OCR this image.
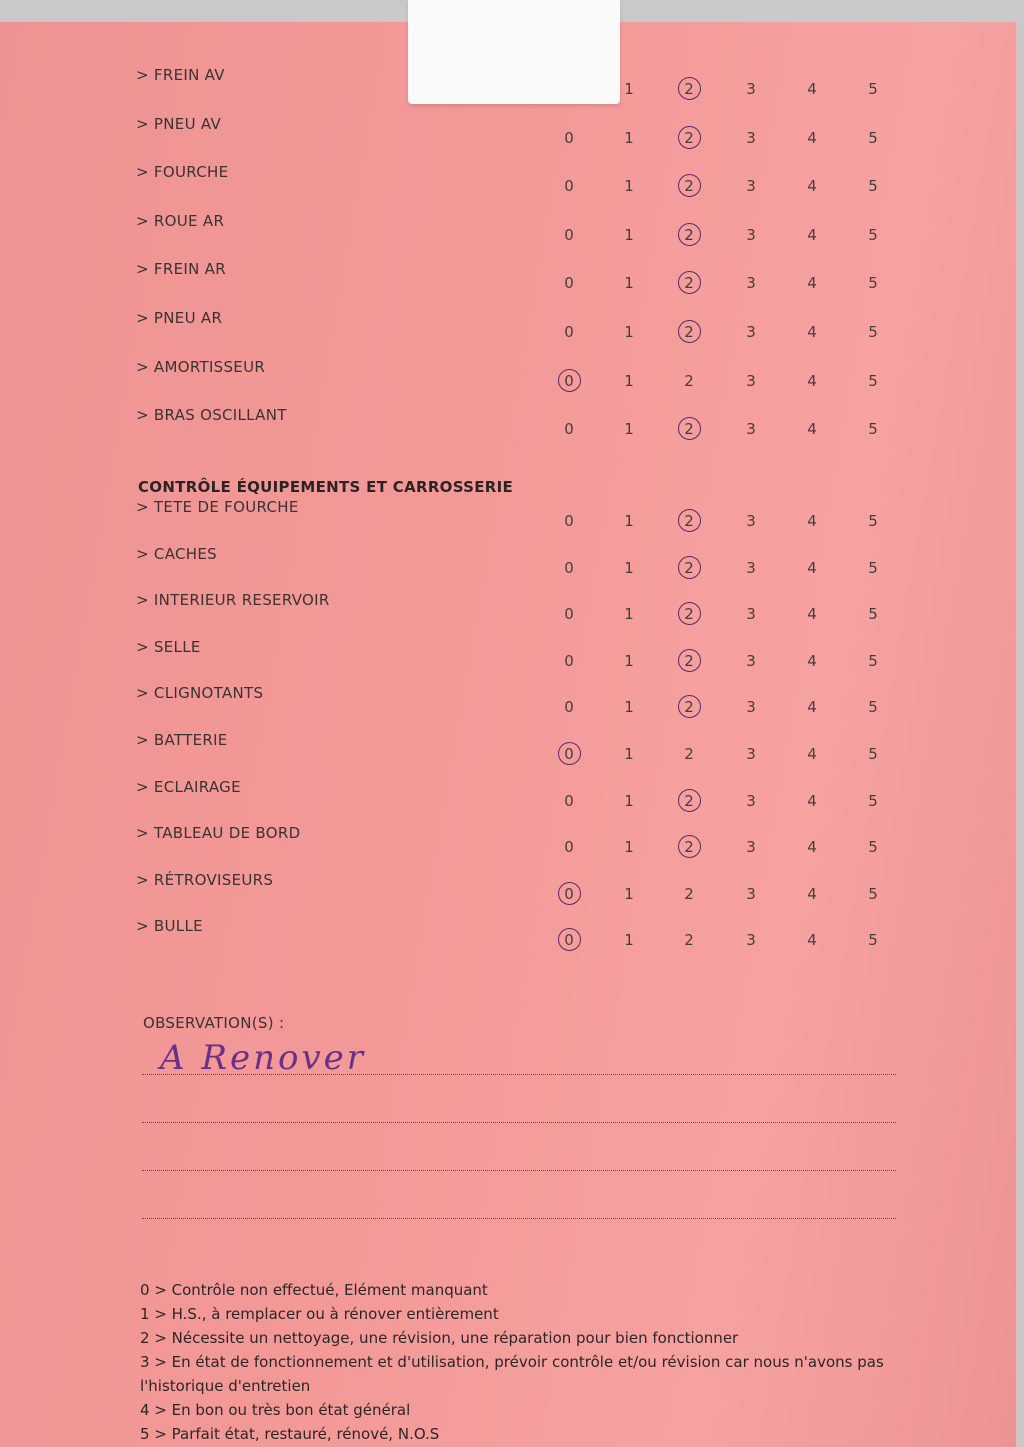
> FREIN AV
1	2	3	4	5
> PNEU AV
0	1	2	3	4	5
> FOURCHE
0	1	2	3	4	5
> ROUE AR
0	1	2	3	4	5
> FREIN AR
0	1	2	3	4	5
> PNEU AR
0	1	2	3	4	5
> AMORTISSEUR
0	1	2	3	4	5
> BRAS OSCILLANT
0	1	2	3	4	5
CONTRÔLE ÉQUIPEMENTS ET CARROSSERIE
> TETE DE FOURCHE
0	1	2	3	4	5
> CACHES
0	1	2	3	4	5
> INTERIEUR RESERVOIR
0	1	2	3	4	5
> SELLE
0	1	2	3	4	5
> CLIGNOTANTS
0	1	2	3	4	5
> BATTERIE
0	1	2	3	4	5
> ECLAIRAGE
0	1	2	3	4	5
> TABLEAU DE BORD
0	1	2	3	4	5
> RÉTROVISEURS
0	1	2	3	4	5
> BULLE
0	1	2	3	4	5
OBSERVATION(S) :
A Renover
0 > Contrôle non effectué, Elément manquant
1 > H.S., à remplacer ou à rénover entièrement
2 > Nécessite un nettoyage, une révision, une réparation pour bien fonctionner
3 > En état de fonctionnement et d'utilisation, prévoir contrôle et/ou révision car nous n'avons pas l'historique d'entretien
4 > En bon ou très bon état général
5 > Parfait état, restauré, rénové, N.O.S
